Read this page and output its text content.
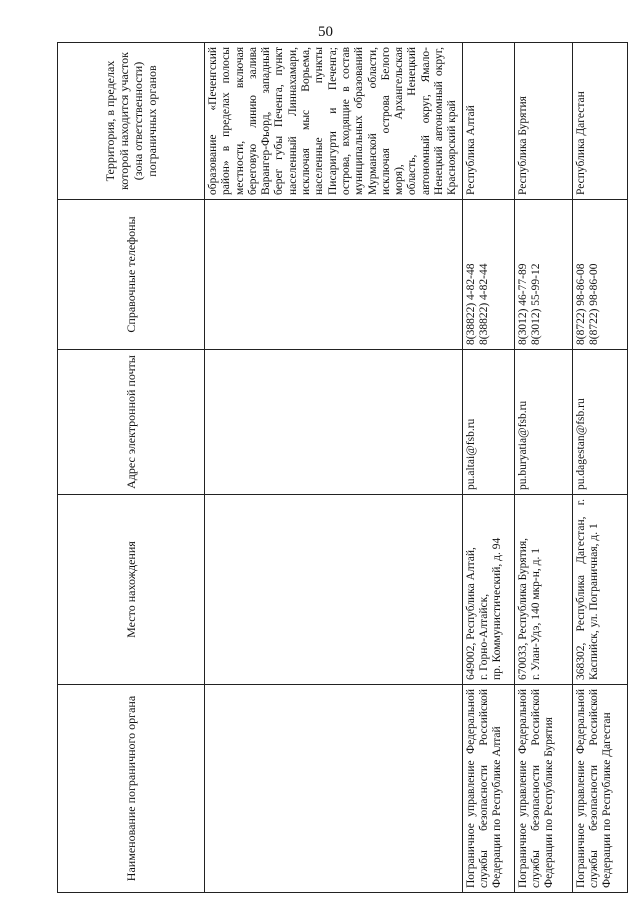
50
Наименование пограничного органа	Место нахождения	Адрес электронной почты	Справочные телефоны	Территория, в пределах которой находится участок (зона ответственности) пограничных органов
				образование «Печенгский район» в пределах полосы местности, включая береговую линию залива Варангер-Фьорд, западный берег губы Печенга, пункт населенный Линнахамари, исключая мыс Ворьема, населенные пункты Писаригурти и Печенга; острова, входящие в состав муниципальных образований Мурманской области, исключая острова Белого моря), Архангельская область, Ненецкий автономный округ, Ямало-Ненецкий автономный округ, Красноярский край
Пограничное управление Федеральной службы безопасности Российской Федерации по Республике Алтай	649002, Республика Алтай, г. Горно-Алтайск, пр. Коммунистический, д. 94	pu.altai@fsb.ru	8(38822) 4-82-48 8(38822) 4-82-44	Республика Алтай
Пограничное управление Федеральной службы безопасности Российской Федерации по Республике Бурятия	670033, Республика Бурятия, г. Улан-Удэ, 140 мкр-н, д. 1	pu.buryatia@fsb.ru	8(3012) 46-77-89 8(3012) 55-99-12	Республика Бурятия
Пограничное управление Федеральной службы безопасности Российской Федерации по Республике Дагестан	368302, Республика Дагестан, г. Каспийск, ул. Пограничная, д. 1	pu.dagestan@fsb.ru	8(8722) 98-86-08 8(8722) 98-86-00	Республика Дагестан
